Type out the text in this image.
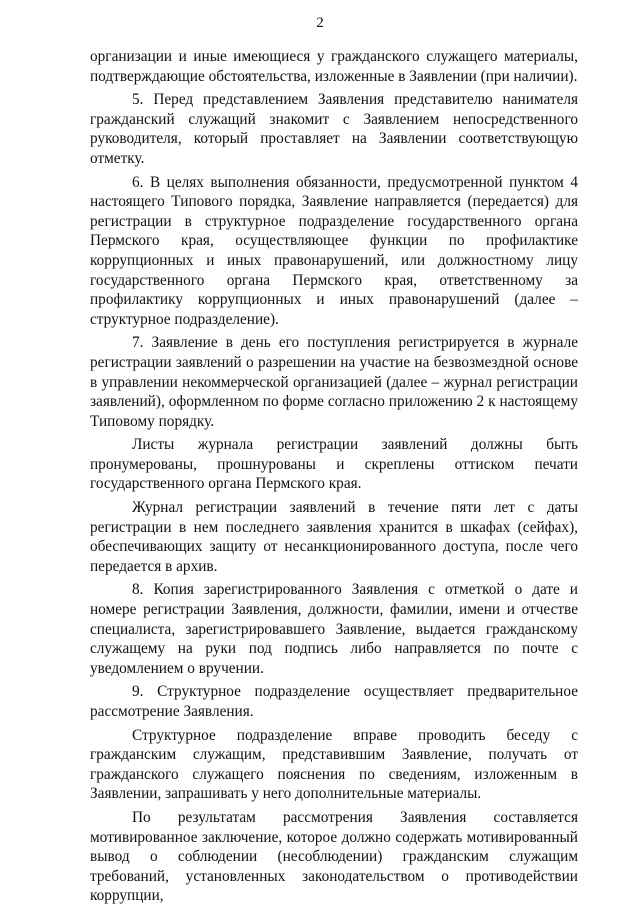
2

организации и иные имеющиеся у гражданского служащего материалы, подтверждающие обстоятельства, изложенные в Заявлении (при наличии).

5. Перед представлением Заявления представителю нанимателя гражданский служащий знакомит с Заявлением непосредственного руководителя, который проставляет на Заявлении соответствующую отметку.

6. В целях выполнения обязанности, предусмотренной пунктом 4 настоящего Типового порядка, Заявление направляется (передается) для регистрации в структурное подразделение государственного органа Пермского края, осуществляющее функции по профилактике коррупционных и иных правонарушений, или должностному лицу государственного органа Пермского края, ответственному за профилактику коррупционных и иных правонарушений (далее – структурное подразделение).

7. Заявление в день его поступления регистрируется в журнале регистрации заявлений о разрешении на участие на безвозмездной основе в управлении некоммерческой организацией (далее – журнал регистрации заявлений), оформленном по форме согласно приложению 2 к настоящему Типовому порядку.

Листы журнала регистрации заявлений должны быть пронумерованы, прошнурованы и скреплены оттиском печати государственного органа Пермского края.

Журнал регистрации заявлений в течение пяти лет с даты регистрации в нем последнего заявления хранится в шкафах (сейфах), обеспечивающих защиту от несанкционированного доступа, после чего передается в архив.

8. Копия зарегистрированного Заявления с отметкой о дате и номере регистрации Заявления, должности, фамилии, имени и отчестве специалиста, зарегистрировавшего Заявление, выдается гражданскому служащему на руки под подпись либо направляется по почте с уведомлением о вручении.

9. Структурное подразделение осуществляет предварительное рассмотрение Заявления.

Структурное подразделение вправе проводить беседу с гражданским служащим, представившим Заявление, получать от гражданского служащего пояснения по сведениям, изложенным в Заявлении, запрашивать у него дополнительные материалы.

По результатам рассмотрения Заявления составляется мотивированное заключение, которое должно содержать мотивированный вывод о соблюдении (несоблюдении) гражданским служащим требований, установленных законодательством о противодействии коррупции,
